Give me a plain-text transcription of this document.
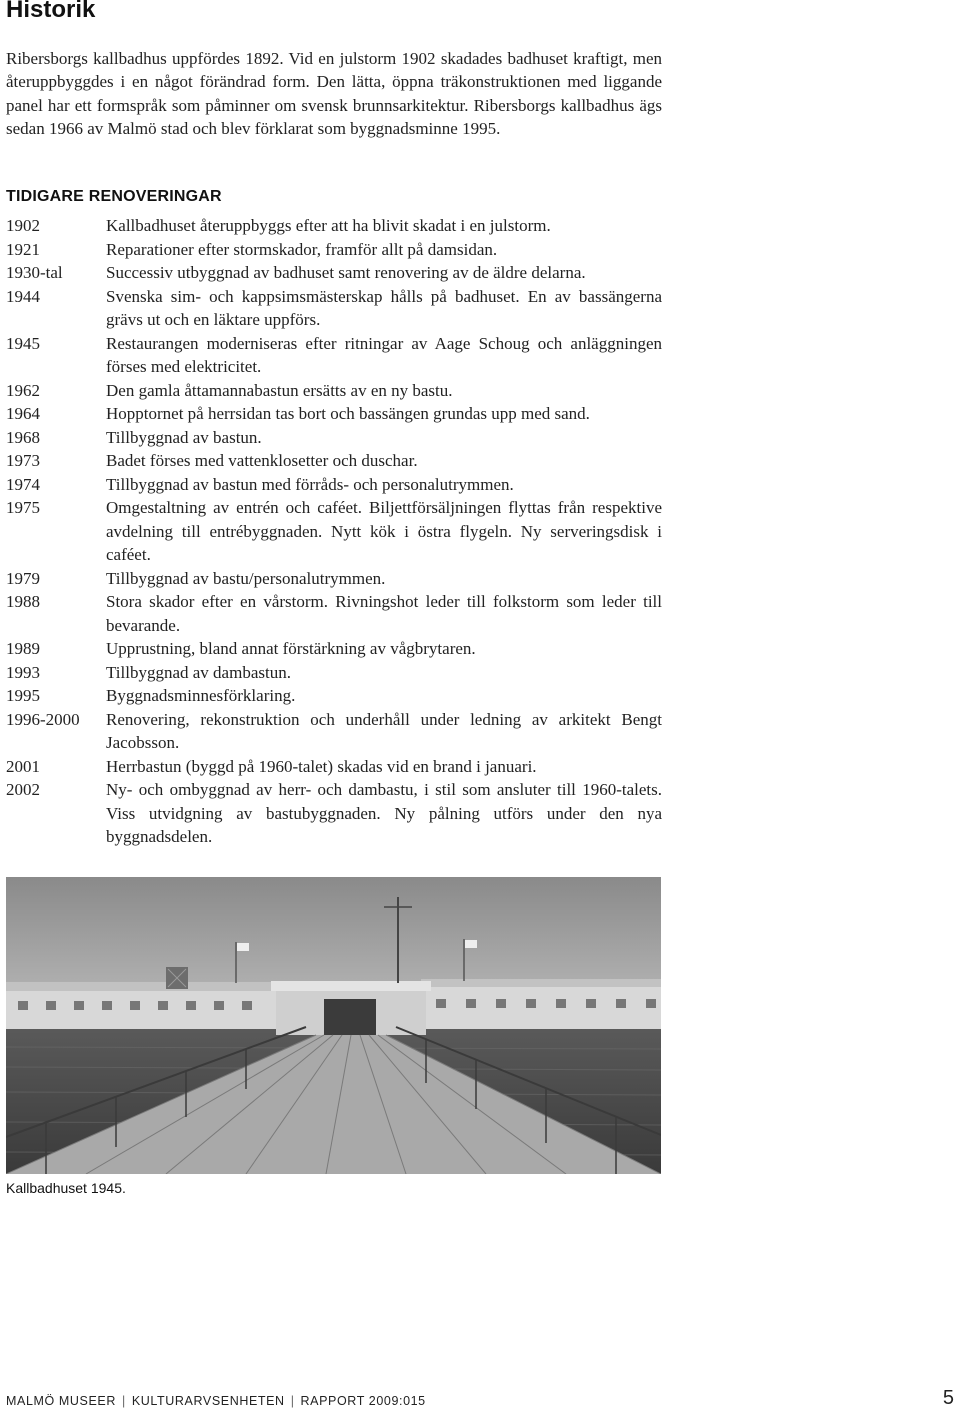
Historik
Ribersborgs kallbadhus uppfördes 1892. Vid en julstorm 1902 skadades badhuset kraftigt, men återuppbyggdes i en något förändrad form. Den lätta, öppna träkonstruktionen med liggande panel har ett formspråk som påminner om svensk brunnsarkitektur. Ribersborgs kallbadhus ägs sedan 1966 av Malmö stad och blev förklarat som byggnadsminne 1995.
TIDIGARE RENOVERINGAR
1902	Kallbadhuset återuppbyggs efter att ha blivit skadat i en julstorm.
1921	Reparationer efter stormskador, framför allt på damsidan.
1930-tal	Successiv utbyggnad av badhuset samt renovering av de äldre delarna.
1944	Svenska sim- och kappsimsmästerskap hålls på badhuset. En av bassängerna grävs ut och en läktare uppförs.
1945	Restaurangen moderniseras efter ritningar av Aage Schoug och anläggningen förses med elektricitet.
1962	Den gamla åttamannabastun ersätts av en ny bastu.
1964	Hopptornet på herrsidan tas bort och bassängen grundas upp med sand.
1968	Tillbyggnad av bastun.
1973	Badet förses med vattenklosetter och duschar.
1974	Tillbyggnad av bastun med förråds- och personalutrymmen.
1975	Omgestaltning av entrén och caféet. Biljettförsäljningen flyttas från respektive avdelning till entrébyggnaden. Nytt kök i östra flygeln. Ny serveringsdisk i caféet.
1979	Tillbyggnad av bastu/personalutrymmen.
1988	Stora skador efter en vårstorm. Rivningshot leder till folkstorm som leder till bevarande.
1989	Upprustning, bland annat förstärkning av vågbrytaren.
1993	Tillbyggnad av dambastun.
1995	Byggnadsminnesförklaring.
1996-2000	Renovering, rekonstruktion och underhåll under ledning av arkitekt Bengt Jacobsson.
2001	Herrbastun (byggd på 1960-talet) skadas vid en brand i januari.
2002	Ny- och ombyggnad av herr- och dambastu, i stil som ansluter till 1960-talets. Viss utvidgning av bastubyggnaden. Ny pålning utförs under den nya byggnadsdelen.
Kallbadhuset 1945.
MALMÖ MUSEER | KULTURARVSENHETEN | RAPPORT 2009:015	5
